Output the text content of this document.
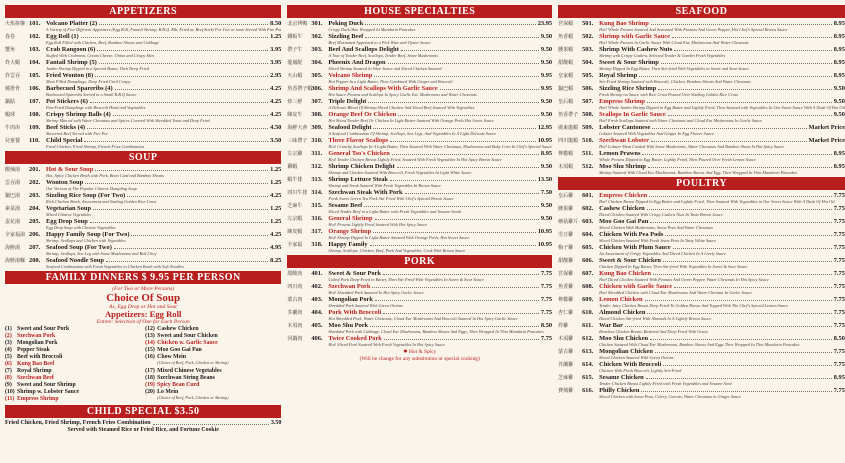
APPETIZERS
火焰拼盤 101. Volcano Platter (2)	8.50
A Variety of Five Different Appetizers (Egg Roll, Fantail Shrimp, B.B.Q. Rib, Fried ar, Beef Stick) For Two or more Served With Fire Pot
春卷	102. Egg Roll (1)	1.25
Egg Roll Filled with Chicken, Beef, Bamboo Shoots and Cabbage
蟹角	103. Crab Rangoon (6)	3.95
Stuffed With Crabmeat, Cream Cheese, Onion and Crispy Skin
炸大蝦	104. Fantail Shrimp (5)	3.95
Jumbo Shrimp Dipped in a Special Batter, Then Deep Fried
炸雲吞	105. Fried Wonton (8)	2.95
Meat Filled Dumplings, Deep Fried Until Crispy
燒排骨	106. Barbecued Spareribs (4)	4.25
Barbecued Spareribs Served in a Small B.B.Q Sauce
鍋貼	107. Pot Stickers (6)	4.25
Pan-Fried Dumplings with Broccoli Head and Vegetables
蝦球	108. Crispy Shrimp Balls (4)	4.25
Shrimp Minced with Water Chestnuts and Spices Covered With Shredded Toast and Deep Fried
牛肉串	109. Beef Sticks (4)	4.50
Skewered Beef Served with Fire Pot
兒童餐	110. Child Special	3.50
Fried Chicken, Fried Shrimp, French Fries Combination
SOUP
酸辣湯	201. Hot & Sour Soup	1.25
Hot, Spicy Chicken Broth with Pork, Bean Curd and Bamboo Shoots
雲吞湯	202. Wonton Soup	1.25
Our Version of The Popular Chinese Dumpling Soup
鍋巴湯	203. Sizzling Rice Soup (For Two)	4.25
Rich Chicken Broth, Assortment and Sizzling Golden Rice Crust
素菜湯	204. Vegetarian Soup	1.25
Mixed Chinese Vegetables
蛋花湯	205. Egg Drop Soup	1.25
Egg Drop Soup with Chinese Vegetables
全家福湯 206. Happy Family Soup (For Two)	4.25
Shrimp, Scallops and Chicken with Vegetables
海鮮湯	207. Seafood Soup (For Two)	4.95
Shrimp, Scallops, Sea Leg with Snow Mushrooms and Bok Choy
海鮮湯麵 208. Seafood Noodle Soup	8.25
Seafood Combination with Fresh Vegetables in Chicken Broth with Soft Noodles
FAMILY DINNERS $ 9.95 PER PERSON
(For Two or More Persons)
Choice Of Soup
As, Egg Drop or Hot and Sour
Appetizers: Egg Roll
Entree: Selection of One for Each Person
(1) Sweet and Sour Pork	(12) Cashew Chicken
(2) Szechwan Pork	(13) Sweet and Sour Chicken
(3) Mongolian Pork	(14) Chicken w. Garlic Sauce
(4) Pepper Steak	(15) Moo Goo Gai Pan
(5) Beef with Broccoli	(16) Chow Mein
(6) Kung Bao Beef	(Choice of Beef, Pork, Chicken or Shrimp)
(7) Royal Shrimp	(17) Mixed Chinese Vegetables
(8) Szechwan Beef	(18) Szechwan String Beans
(9) Sweet and Sour Shrimp	(19) Spicy Bean Curd
(10) Shrimp w. Lobster Sauce	(20) Lo Mein
(11) Empress Shrimp	(Choice of Beef, Pork, Chicken or Shrimp)
CHILD SPECIAL $3.50
Fried Chicken, Fried Shrimp, French Fries Combination	3.50
Served with Steamed Rice or Fried Rice, and Fortune Cookie
HOUSE SPECIALTIES
北京烤鴨 301. Peking Duck	23.95
Crispy Duck Skin Wrapped In Mandarin Pancakes
鐵板牛	302. Sizzling Beef	9.50
Beef Marinated Appetized to a Pick Wine and Oyster Sauce
帶子牛	303. Beef And Scallops Delight	9.50
A Tour of Tender Beef, Scallops, Tender Beef, Snow Mushrooms
龍鳳配	304. Phoenix And Dragon	9.50
Sliced Shrimp Sauteed In Wine Sauce and Sliced Chicken Sauteed
火山蝦	305. Volcano Shrimp	9.95
Hot Pepper In a Light Batter, Then Combined With Ginger and Broccoli
魚香帶子蝦
306. Shrimp And Scallops With Garlic Sauce	9.95
Hot Sauce Prawns and Scallops In Spicy Garlic Ext. Mushrooms and Water Chestnuts
炒三鮮	307. Triple Delight	9.50
A Delicate Blend Of Shrimp Sliced Chicken And Sliced Beef Sauteed With Vegetables
陳皮牛	308. Orange Beef Or Chicken	9.50
Hot Sliced Tender Beef Or Chicken In Light Batter Sauteed With Orange Peels Hot Sweet Sauce
海鮮大會 309. Seafood Delight	12.95
A Seafood Combination Of Shrimp, Scallops, Sea Legs, And Vegetables In A Light Delicate Sauce
三味帶子 310. Three Flavor Scallops	10.95
Hot! Crunchy Scallops In A Light Batter, Then Sauteed With Water Chestnuts, Mushrooms and Baby Corn In Chef's Special Sauce
左宗雞	311. General Tso's Chicken	8.95
Hot! Tender Chicken Breast Lightly Fried, Sauteed With Fresh Vegetables In Hot Spicy Brown Sauce
雞蝦	312. Shrimp Chicken Delight	9.50
Shrimp and Chicken Sauteed With Broccoli, Fresh Vegetables In Light White Sauce
蝦牛排	313. Shrimp Lettuce Steak	13.50
Shrimp and Steak Sauteed With Fresh Vegetables In Brown Sauce
四川牛排 314. Szechwan Steak With Pork	7.50
Fresh Sweet Green Tea Pork Stir Fried With Chef's Special Brown Sauce
芝麻牛	315. Sesame Beef	9.50
Sliced Tender Beef in a Light Batter with Fresh Vegetables and Sesame Seeds
左宗蝦	316. General Shrimp	9.50
Hot! Prawns Lightly Fried Sauteed With Hot Spicy Sauce
陳皮蝦	317. Orange Shrimp	10.95
Hot! Shrimp Dipped In Light Batter Sauteed With Orange Peels, Hot Sweet Sauce
全家福	318. Happy Family	10.95
Shrimp, Scallops, Chicken, Beef, Pork And Vegetables, Cook With Brown Sauce
PORK
甜酸肉	401. Sweet & Sour Pork	7.75
Cubed Pork Deep-Fried in Batter, Then Stir Fried With Vegetables In Sweet & Sour Sauce
四川肉	402. Szechwan Pork	7.75
Hot! Shredded Pork Sauteed In Hot Spicy Garlic Sauce
蒙古肉	403. Mongolian Pork	7.75
Shredded Pork Sauteed With Green Onions
芥蘭肉	404. Pork With Broccoli	7.75
Hot Shredded Pork, Water Chestnuts, Cloud Ear Mushrooms And Broccoli Sauteed In Hot Spicy Garlic Sauce
木須肉	405. Moo Shu Pork	8.50
Shredded Pork with Cabbage, Cloud Ear Mushrooms, Bamboo Shoots And Eggs, Then Wrapped In Thin Mandarin Pancakes
回鍋肉	406. Twice Cooked Pork	7.75
Hot! Sliced Pork Sauteed With Fresh Vegetables In Hot Spicy Sauce
✹ Hot & Spicy
(Will be change for any substitution or special cooking)
SEAFOOD
宮保蝦	501. Kung Bao Shrimp	8.95
Hot! Whole Prawns Sauteed And Seasoned With Peanuts And Green Pepper, Hot Chef's Special Brown Sauce
魚香蝦	502. Shrimp with Garlic Sauce	8.95
Hot! Whole Prawns In Garlic Sauce With Cloud Ear, Mushrooms And Water Chestnuts
腰果蝦	503. Shrimp With Cashew Nuts	8.95
Shrimp with Crispy Cashew, Selected Tender & Garden Fresh Vegetables
甜酸蝦	504. Sweet & Sour Shrimp	8.95
Shrimp Dipped In Egg Batter, Then Stir-fried With Vegetables in Sweet and Sour Sauce
皇家蝦	505. Royal Shrimp	8.95
Stir-Fried Shrimp Sauteed with Broccoli, Chicken, Bamboo Shoots And Water Chestnuts
鍋巴蝦	506. Sizzling Rice Shrimp	9.50
Fresh Shrimp on Sauce with Rice Crust Poured Over Sizzling Golden Rice Crust
皇后蝦	507. Empress Shrimp	9.50
Hot! Whole Jumbo Shrimp Dipped in Egg Batter and Lightly Fried, Then Sauteed with Vegetables In Our Sweet Sauce With A Dash Of Hot Oil
魚香帶子 508. Scallops In Garlic Sauce	9.50
Hot! Fresh Scallops Sauteed with Water Chestnuts and Cloud Ear Mushrooms In Garlic Sauce
廣東龍蝦 509. Lobster Cantonese	Market Price
Lobster Sauteed With Vegetables And Ginger In Egg Flower Sauce
四川龍蝦 510. Szechwan Lobster	Market Price
Hot! Lobster Meat Cooked With Snow Mushrooms, Water Chestnuts And Bamboo Shoot In Hot Spicy Sauce
檸檬蝦	511. Lemon Prawns	8.95
Whole Prawns Dipped in Egg Batter, Lightly Fried, Then Poured Over Fresh Lemon Sauce
木須蝦	512. Moo Shu Shrimp	8.95
Shrimp Sauteed With Cloud Ear Mushrooms, Bamboo Shoots And Egg, Then Wrapped In Thin Mandarin Pancakes
POULTRY
皇后雞	601. Empress Chicken	7.75
Hot! Chicken Breast Dipped In Egg Batter and Lightly Fried, Then Sauteed With Vegetables in Our Sweet Sauce With A Dash Of Hot Oil
腰果雞	602. Cashew Chicken	7.75
Diced Chicken Sauteed With Crispy Cashew Nuts In Taste Brown Sauce
蘑菇雞片 603. Moo Goo Gai Pan	7.75
Sliced Chicken With Mushrooms, Snow Peas And Water Chestnuts
雪豆雞	604. Chicken With Pea Pods	7.75
Sliced Chicken Sauteed With Fresh Snow Peas In Tasty White Sauce
梅子雞	605. Chicken With Plum Sauce	7.75
An Assortment of Crispy Vegetables And Diced Chicken In A Lively Sauce
甜酸雞	606. Sweet & Sour Chicken	7.75
Chicken Dipped In Egg Batter, Then Stir-fried With Vegetables In Sweet & Sour Sauce
宮保雞	607. Kung Bao Chicken	7.75
Hot! Diced Chicken Sauteed With Peanuts And Green Pepper, Water Chestnuts In Hot Spicy Sauce
魚香雞	608. Chicken with Garlic Sauce	7.75
Hot! Shredded Chicken with Cloud Ear Mushrooms And Water Chestnut In Garlic Sauce
檸檬雞	609. Lemon Chicken	7.75
Tender Juicy Chicken Breast Deep Fried To Golden Brown And Topped With The Chef's Special Lemon Sauce
杏仁雞	610. Almond Chicken	7.75
Diced Chicken Stir-fried With Almonds In A Lightly Brown Sauce
炸雞	611. War Bar	7.75
Boneless Chicken Breast, Battered And Deep Fried With Gravy
木須雞	612. Moo Shu Chicken	8.50
Chicken Sauteed With Cloud Ear Mushrooms, Bamboo Shoots And Eggs Then Wrapped In Thin Mandarin Pancakes
蒙古雞	613. Mongolian Chicken	7.75
Sliced Chicken Sauteed With Green Onions
芥蘭雞	614. Chicken With Broccoli	7.75
Chicken With Fresh Broccoli, Lightly Stir-Fried
芝麻雞	615. Sesame Chicken	8.95
Tender Chicken Breast Lightly Fried with Fresh Vegetables and Sesame Seed
費城雞	616. Philly Chicken	7.75
Sliced Chicken with Snow Peas, Celery, Carrots, Water Chestnuts in Ginger Sauce
